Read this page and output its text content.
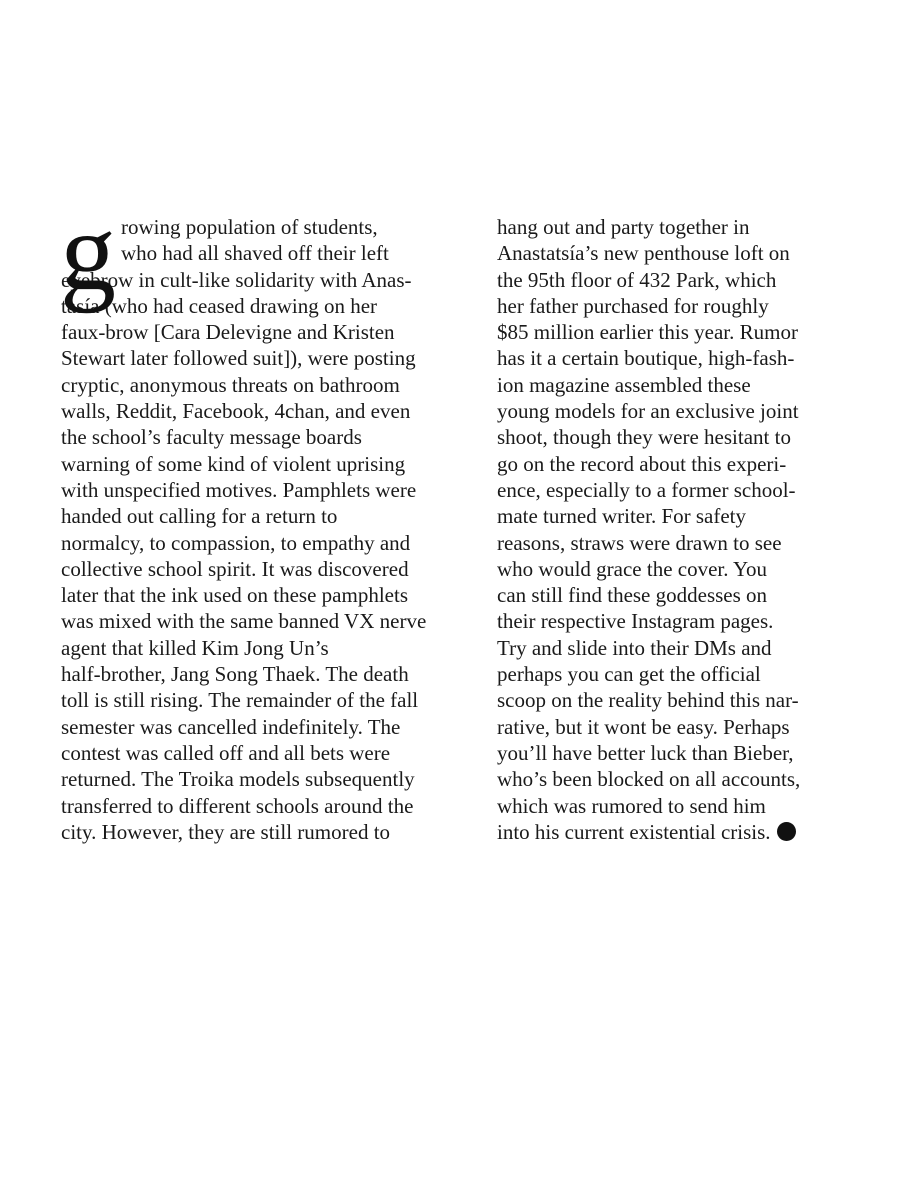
g rowing population of students,
who had all shaved off their left
eyebrow in cult-like solidarity with Anas-
tasía (who had ceased drawing on her
faux-brow [Cara Delevigne and Kristen
Stewart later followed suit]), were posting
cryptic, anonymous threats on bathroom
walls, Reddit, Facebook, 4chan, and even
the school’s faculty message boards
warning of some kind of violent uprising
with unspecified motives. Pamphlets were
handed out calling for a return to
normalcy, to compassion, to empathy and
collective school spirit. It was discovered
later that the ink used on these pamphlets
was mixed with the same banned VX nerve
agent that killed Kim Jong Un’s
half-brother, Jang Song Thaek. The death
toll is still rising. The remainder of the fall
semester was cancelled indefinitely. The
contest was called off and all bets were
returned. The Troika models subsequently
transferred to different schools around the
city. However, they are still rumored to
hang out and party together in
Anastatsía’s new penthouse loft on
the 95th floor of 432 Park, which
her father purchased for roughly
$85 million earlier this year. Rumor
has it a certain boutique, high-fash-
ion magazine assembled these
young models for an exclusive joint
shoot, though they were hesitant to
go on the record about this experi-
ence, especially to a former school-
mate turned writer. For safety
reasons, straws were drawn to see
who would grace the cover. You
can still find these goddesses on
their respective Instagram pages.
Try and slide into their DMs and
perhaps you can get the official
scoop on the reality behind this nar-
rative, but it wont be easy. Perhaps
you’ll have better luck than Bieber,
who’s been blocked on all accounts,
which was rumored to send him
into his current existential crisis.
